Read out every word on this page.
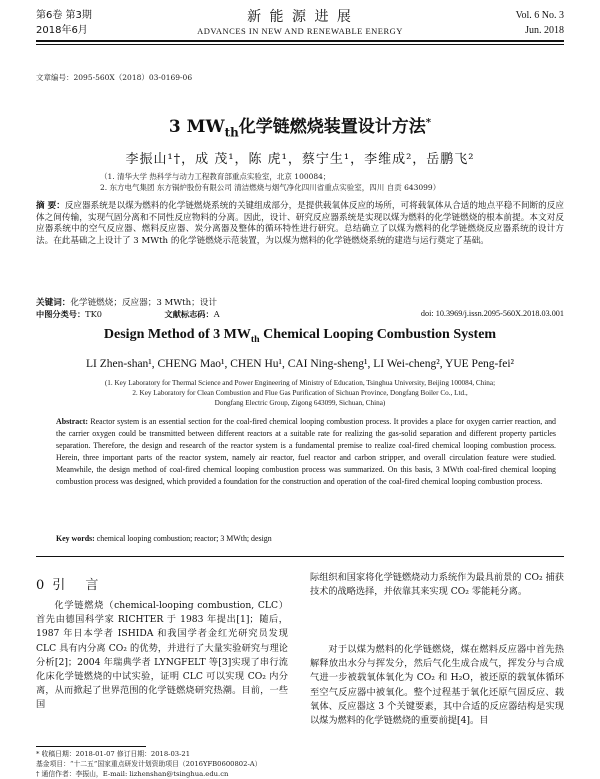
第6卷 第3期
2018年6月
新 能 源 进 展
ADVANCES IN NEW AND RENEWABLE ENERGY
Vol. 6 No. 3
Jun. 2018
文章编号：2095-560X（2018）03-0169-06
3 $MW_{th}$化学链燃烧装置设计方法*
李振山¹†，成 茂¹，陈 虎¹，蔡宁生¹，李维成²，岳鹏飞²
（1. 清华大学 热科学与动力工程教育部重点实验室，北京 100084；
2. 东方电气集团 东方锅炉股份有限公司 清洁燃烧与烟气净化四川省重点实验室，四川 自贡 643099）
摘 要：反应器系统是以煤为燃料的化学链燃烧系统的关键组成部分，是提供载氧体反应的场所，可将载氧体从合适的地点平稳不间断的反应体之间传输，实现气固分离和不同性反应物料的分离。因此，设计、研究反应器系统是实现以煤为燃料的化学链燃烧的根本前提。本文对反应器系统中的空气反应器、燃料反应器、炭分离器及整体的循环特性进行研究。总结确立了以煤为燃料的化学链燃烧反应器系统的设计方法。在此基础之上设计了 3 MWth 的化学链燃烧示范装置，为以煤为燃料的化学链燃烧系统的建造与运行奠定了基础。
关键词：化学链燃烧；反应器；3 MWth；设计
中图分类号：TK0	文献标志码：A	doi: 10.3969/j.issn.2095-560X.2018.03.001
Design Method of 3 $MW_{th}$ Chemical Looping Combustion System
LI Zhen-shan¹, CHENG Mao¹, CHEN Hu¹, CAI Ning-sheng¹, LI Wei-cheng², YUE Peng-fei²
(1. Key Laboratory for Thermal Science and Power Engineering of Ministry of Education, Tsinghua University, Beijing 100084, China;
2. Key Laboratory for Clean Combustion and Flue Gas Purification of Sichuan Province, Dongfang Boiler Co., Ltd.,
Dongfang Electric Group, Zigong 643099, Sichuan, China)
Abstract: Reactor system is an essential section for the coal-fired chemical looping combustion process. It provides a place for oxygen carrier reaction, and the carrier oxygen could be transmitted between different reactors at a suitable rate for realizing the gas-solid separation and different property particles separation. Therefore, the design and research of the reactor system is a fundamental premise to realize coal-fired chemical looping combustion process. Herein, three important parts of the reactor system, namely air reactor, fuel reactor and carbon stripper, and overall circulation feature were studied. Meanwhile, the design method of coal-fired chemical looping combustion process was summarized. On this basis, 3 MWth coal-fired chemical looping combustion process was designed, which provided a foundation for the construction and operation of the coal-fired chemical looping combustion process.
Key words: chemical looping combustion; reactor; 3 MWth; design
0引 言
化学链燃烧（chemical-looping combustion, CLC）首先由德国科学家 RICHTER 于 1983 年提出[1]；随后，1987 年日本学者 ISHIDA 和我国学者金红光研究员发现 CLC 具有内分离 CO₂ 的优势，并进行了大量实验研究与理论分析[2]；2004 年瑞典学者 LYNGFELT 等[3]实现了串行流化床化学链燃烧的中试实验，证明 CLC 可以实现 CO₂ 内分离，从而掀起了世界范围的化学链燃烧研究热潮。目前，一些国
际组织和国家将化学链燃烧动力系统作为最具前景的 CO₂ 捕获技术的战略选择，并依靠其来实现 CO₂ 零能耗分离。
对于以煤为燃料的化学链燃烧，煤在燃料反应器中首先热解释放出水分与挥发分，然后气化生成合成气，挥发分与合成气进一步被载氧体氧化为 CO₂ 和 H₂O，被还原的载氧体循环至空气反应器中被氧化。整个过程基于氧化还原气固反应、载氧体、反应器这 3 个关键要素，其中合适的反应器结构是实现以煤为燃料的化学链燃烧的重要前提[4]。目
* 收稿日期：2018-01-07 修订日期：2018-03-21
基金项目：“十二五”国家重点研发计划资助项目（2016YFB0600802-A）
† 通信作者：李振山，E-mail: lizhenshan@tsinghua.edu.cn
